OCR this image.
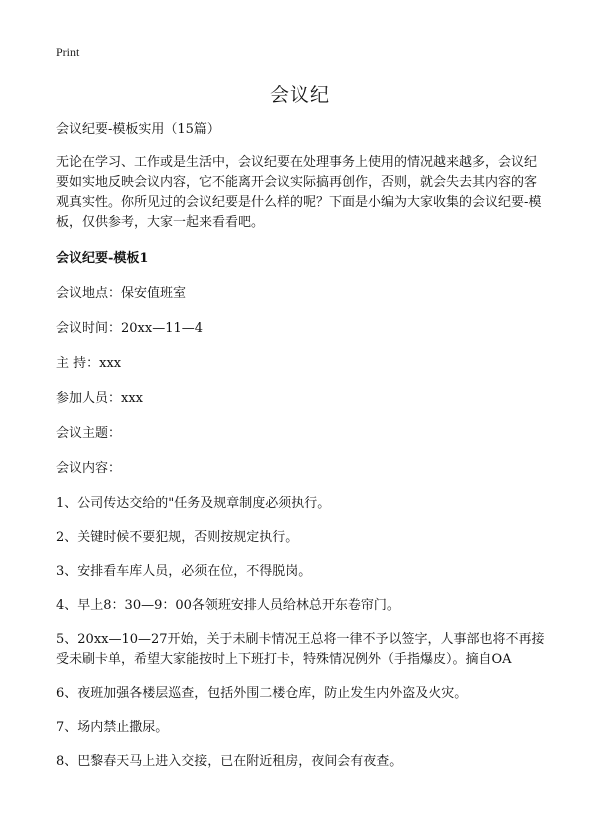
Print
会议纪

会议纪要-模板实用（15篇）

无论在学习、工作或是生活中，会议纪要在处理事务上使用的情况越来越多，会议纪要如实地反映会议内容，它不能离开会议实际搞再创作，否则，就会失去其内容的客观真实性。你所见过的会议纪要是什么样的呢？下面是小编为大家收集的会议纪要-模板，仅供参考，大家一起来看看吧。

会议纪要-模板1

会议地点：保安值班室

会议时间：20xx—11—4

主 持：xxx

参加人员：xxx

会议主题：

会议内容：

1、公司传达交给的"任务及规章制度必须执行。
2、关键时候不要犯规，否则按规定执行。
3、安排看车库人员，必须在位，不得脱岗。
4、早上8：30—9：00各领班安排人员给林总开东卷帘门。
5、20xx—10—27开始，关于未刷卡情况王总将一律不予以签字，人事部也将不再接受未刷卡单，希望大家能按时上下班打卡，特殊情况例外（手指爆皮）。摘自OA
6、夜班加强各楼层巡查，包括外围二楼仓库，防止发生内外盗及火灾。
7、场内禁止撒尿。
8、巴黎春天马上进入交接，已在附近租房，夜间会有夜查。
